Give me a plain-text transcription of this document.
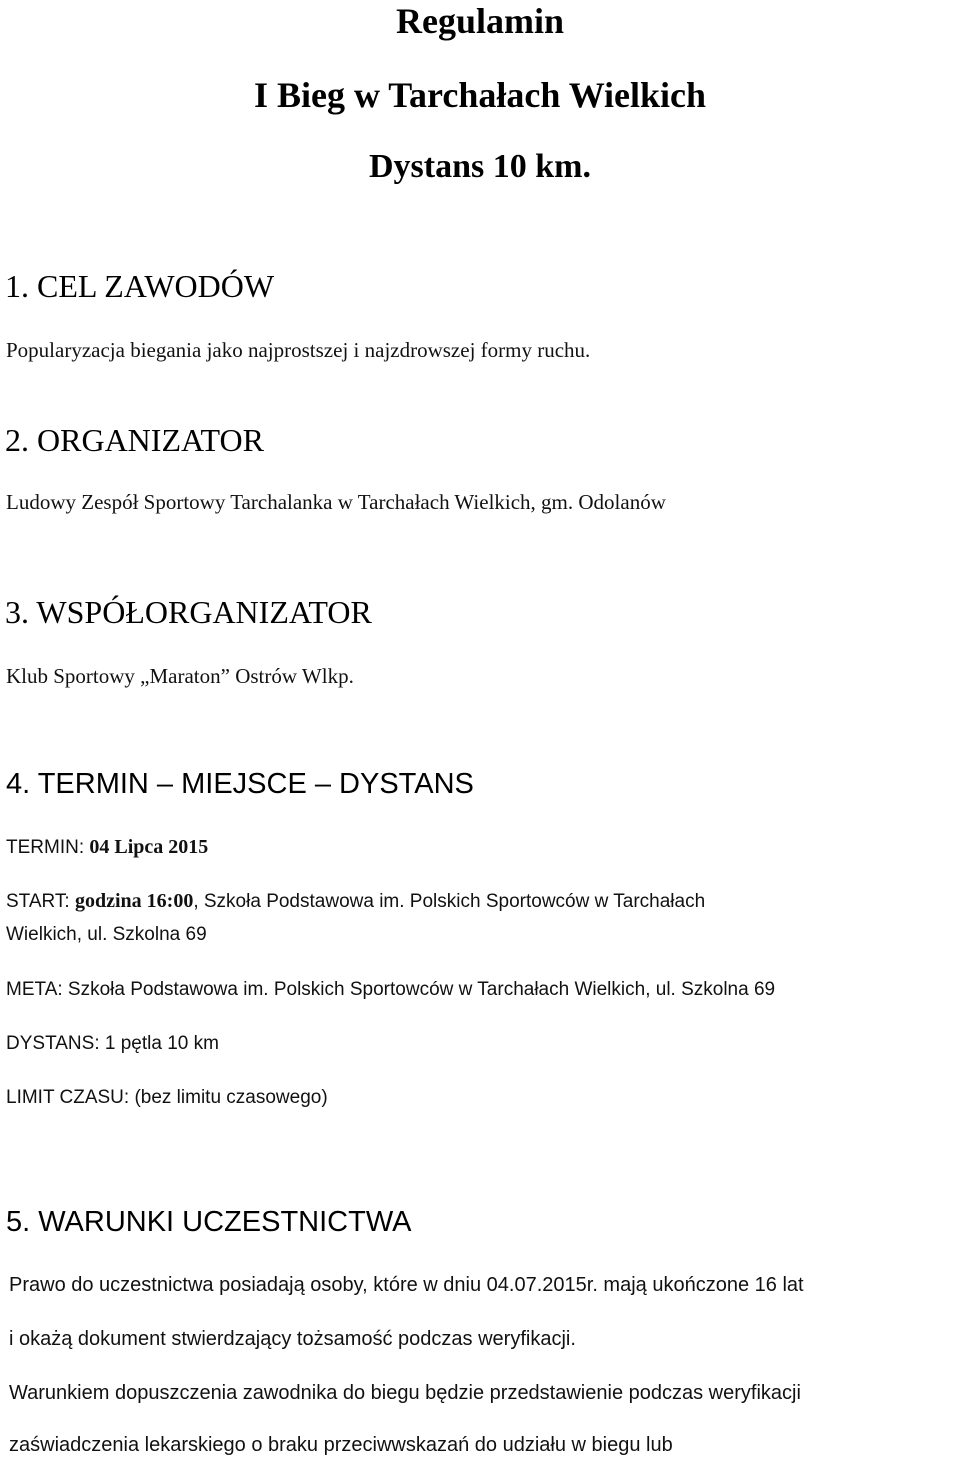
Regulamin
I Bieg w Tarchałach Wielkich
Dystans 10 km.
1. CEL ZAWODÓW
Popularyzacja biegania jako najprostszej i najzdrowszej formy ruchu.
2. ORGANIZATOR
Ludowy Zespół Sportowy Tarchalanka w Tarchałach Wielkich, gm. Odolanów
3. WSPÓŁORGANIZATOR
Klub Sportowy „Maraton” Ostrów Wlkp.
4. TERMIN – MIEJSCE – DYSTANS
TERMIN: 04 Lipca 2015
START: godzina 16:00, Szkoła Podstawowa im. Polskich Sportowców w Tarchałach
Wielkich, ul. Szkolna 69
META: Szkoła Podstawowa im. Polskich Sportowców w Tarchałach Wielkich, ul. Szkolna 69
DYSTANS: 1 pętla 10 km
LIMIT CZASU: (bez limitu czasowego)
5. WARUNKI UCZESTNICTWA
Prawo do uczestnictwa posiadają osoby, które w dniu 04.07.2015r. mają ukończone 16 lat
i okażą dokument stwierdzający tożsamość podczas weryfikacji.
Warunkiem dopuszczenia zawodnika do biegu będzie przedstawienie podczas weryfikacji
zaświadczenia lekarskiego o braku przeciwwskazań do udziału w biegu lub
